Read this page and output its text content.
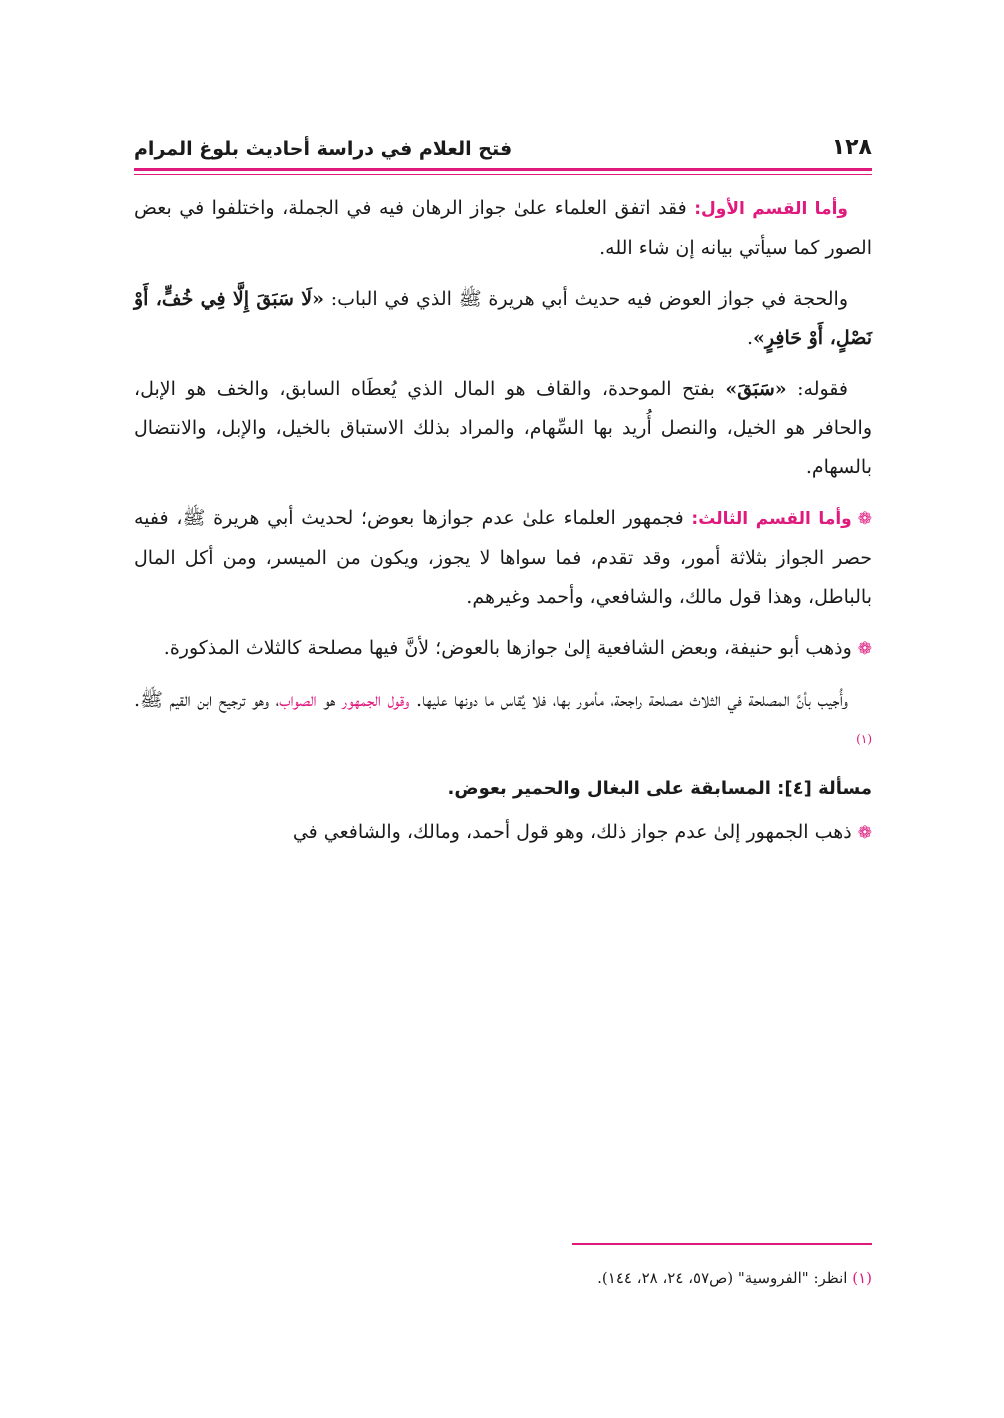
١٢٨
فتح العلام في دراسة أحاديث بلوغ المرام

وأما القسم الأول: فقد اتفق العلماء علىٰ جواز الرهان فيه في الجملة، واختلفوا في بعض الصور كما سيأتي بيانه إن شاء الله.

والحجة في جواز العوض فيه حديث أبي هريرة ﷺ الذي في الباب: «لَا سَبَقَ إِلَّا فِي خُفٍّ، أَوْ نَصْلٍ، أَوْ حَافِرٍ».

فقوله: «سَبَقَ» بفتح الموحدة، والقاف هو المال الذي يُعطَاه السابق، والخف هو الإبل، والحافر هو الخيل، والنصل أُريد بها السِّهام، والمراد بذلك الاستباق بالخيل، والإبل، والانتضال بالسهام.

❁وأما القسم الثالث: فجمهور العلماء علىٰ عدم جوازها بعوض؛ لحديث أبي هريرة ﷺ، ففيه حصر الجواز بثلاثة أمور، وقد تقدم، فما سواها لا يجوز، ويكون من الميسر، ومن أكل المال بالباطل، وهذا قول مالك، والشافعي، وأحمد وغيرهم.

❁وذهب أبو حنيفة، وبعض الشافعية إلىٰ جوازها بالعوض؛ لأنَّ فيها مصلحة كالثلاث المذكورة.

وأُجيب بأنَّ المصلحة في الثلاث مصلحة راجحة، مأمور بها، فلا يُقاس ما دونها عليها. وقول الجمهور هو الصواب، وهو ترجيح ابن القيم ﷺ.$^{(١)}$

مسألة [٤]: المسابقة على البغال والحمير بعوض.

❁ذهب الجمهور إلىٰ عدم جواز ذلك، وهو قول أحمد، ومالك، والشافعي في

(١) انظر: "الفروسية" (ص٥٧، ٢٤، ٢٨، ١٤٤).
